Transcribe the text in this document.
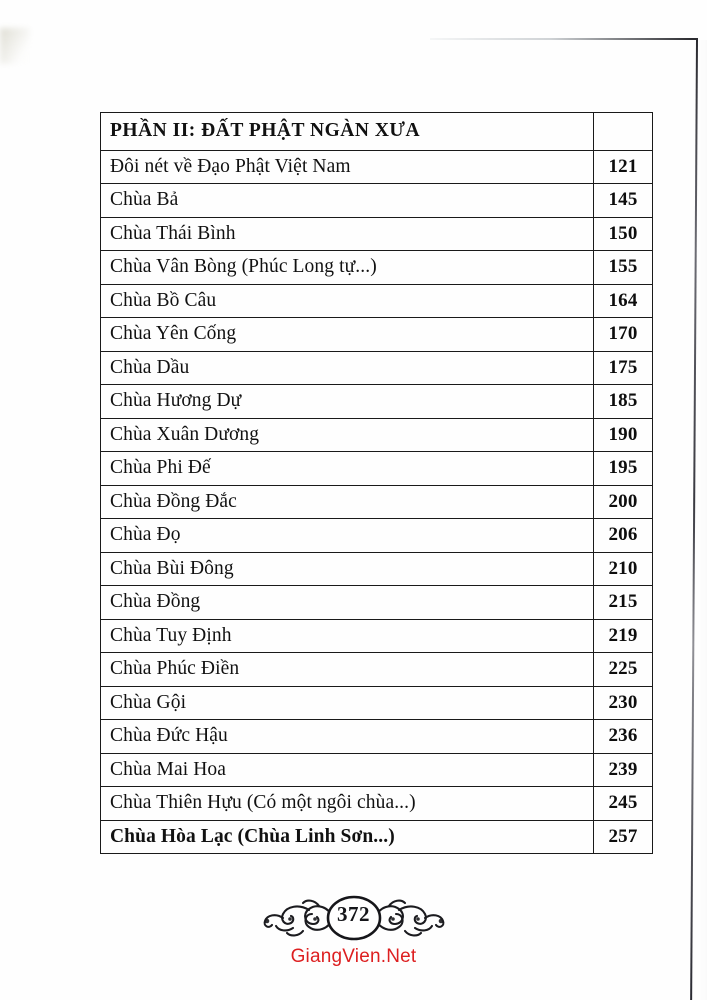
PHẦN II: ĐẤT PHẬT NGÀN XƯA	

Đôi nét về Đạo Phật Việt Nam	121

Chùa Bả	145

Chùa Thái Bình	150

Chùa Vân Bòng (Phúc Long tự...)	155

Chùa Bồ Câu	164

Chùa Yên Cống	170

Chùa Dầu	175

Chùa Hương Dự	185

Chùa Xuân Dương	190

Chùa Phi Đế	195

Chùa Đồng Đắc	200

Chùa Đọ	206

Chùa Bùi Đông	210

Chùa Đồng	215

Chùa Tuy Định	219

Chùa Phúc Điền	225

Chùa Gội	230

Chùa Đức Hậu	236

Chùa Mai Hoa	239

Chùa Thiên Hựu (Có một ngôi chùa...)	245

Chùa Hòa Lạc (Chùa Linh Sơn...)	257
372
GiangVien.Net
